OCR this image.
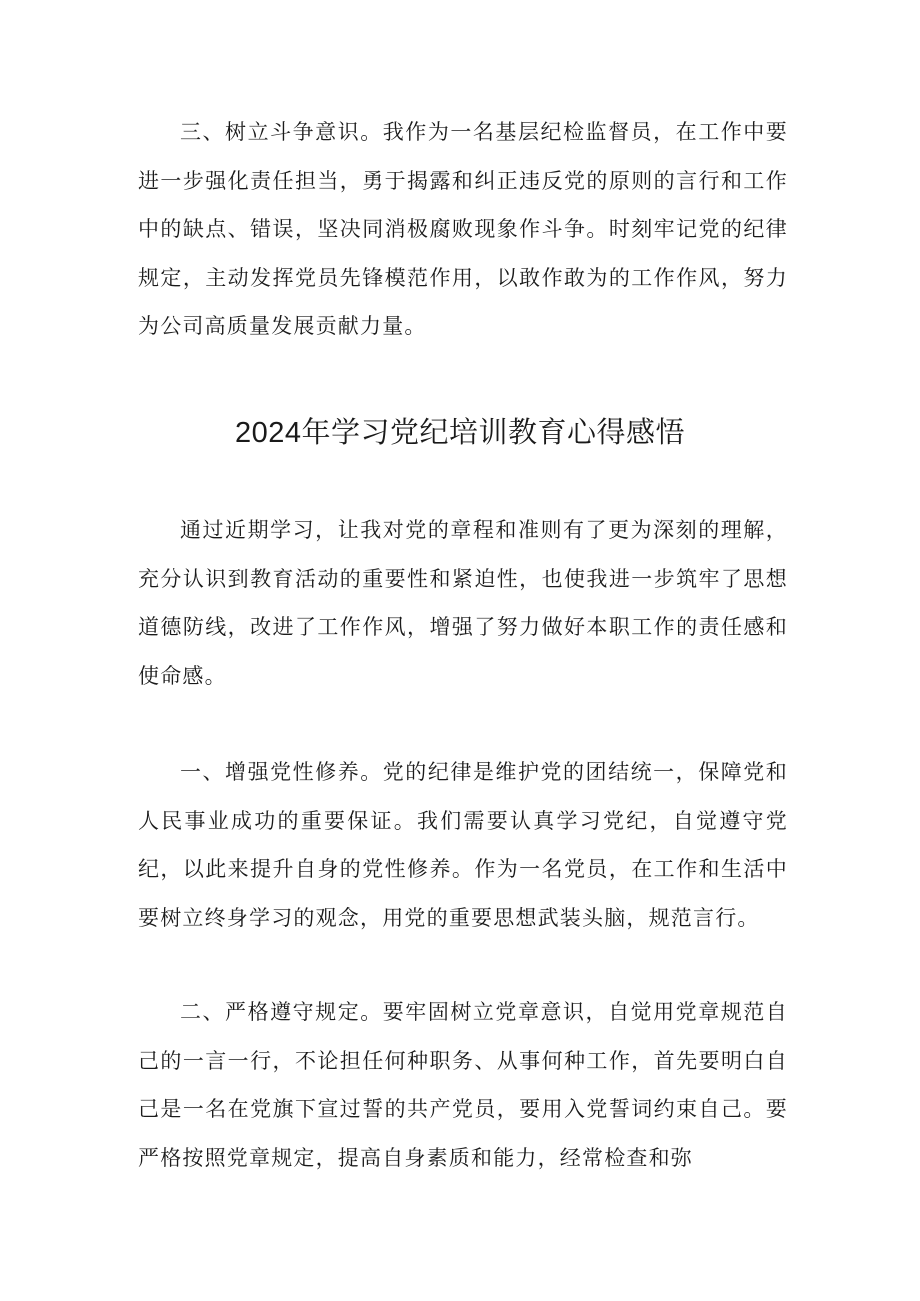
三、树立斗争意识。我作为一名基层纪检监督员，在工作中要进一步强化责任担当，勇于揭露和纠正违反党的原则的言行和工作中的缺点、错误，坚决同消极腐败现象作斗争。时刻牢记党的纪律规定，主动发挥党员先锋模范作用，以敢作敢为的工作作风，努力为公司高质量发展贡献力量。

2024年学习党纪培训教育心得感悟

通过近期学习，让我对党的章程和准则有了更为深刻的理解，充分认识到教育活动的重要性和紧迫性，也使我进一步筑牢了思想道德防线，改进了工作作风，增强了努力做好本职工作的责任感和使命感。

一、增强党性修养。党的纪律是维护党的团结统一，保障党和人民事业成功的重要保证。我们需要认真学习党纪，自觉遵守党纪，以此来提升自身的党性修养。作为一名党员，在工作和生活中要树立终身学习的观念，用党的重要思想武装头脑，规范言行。

二、严格遵守规定。要牢固树立党章意识，自觉用党章规范自己的一言一行，不论担任何种职务、从事何种工作，首先要明白自己是一名在党旗下宣过誓的共产党员，要用入党誓词约束自己。要严格按照党章规定，提高自身素质和能力，经常检查和弥
